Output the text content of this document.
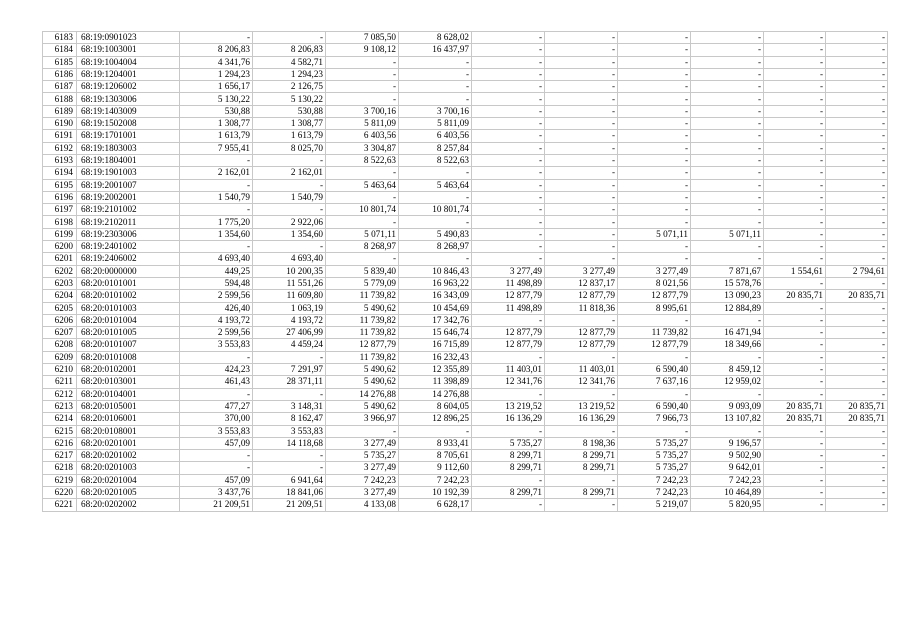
6183	68:19:0901023	-	-	7 085,50	8 628,02	-	-	-	-	-	-
6184	68:19:1003001	8 206,83	8 206,83	9 108,12	16 437,97	-	-	-	-	-	-
6185	68:19:1004004	4 341,76	4 582,71	-	-	-	-	-	-	-	-
6186	68:19:1204001	1 294,23	1 294,23	-	-	-	-	-	-	-	-
6187	68:19:1206002	1 656,17	2 126,75	-	-	-	-	-	-	-	-
6188	68:19:1303006	5 130,22	5 130,22	-	-	-	-	-	-	-	-
6189	68:19:1403009	530,88	530,88	3 700,16	3 700,16	-	-	-	-	-	-
6190	68:19:1502008	1 308,77	1 308,77	5 811,09	5 811,09	-	-	-	-	-	-
6191	68:19:1701001	1 613,79	1 613,79	6 403,56	6 403,56	-	-	-	-	-	-
6192	68:19:1803003	7 955,41	8 025,70	3 304,87	8 257,84	-	-	-	-	-	-
6193	68:19:1804001	-	-	8 522,63	8 522,63	-	-	-	-	-	-
6194	68:19:1901003	2 162,01	2 162,01	-	-	-	-	-	-	-	-
6195	68:19:2001007	-	-	5 463,64	5 463,64	-	-	-	-	-	-
6196	68:19:2002001	1 540,79	1 540,79	-	-	-	-	-	-	-	-
6197	68:19:2101002	-	-	10 801,74	10 801,74	-	-	-	-	-	-
6198	68:19:2102011	1 775,20	2 922,06	-	-	-	-	-	-	-	-
6199	68:19:2303006	1 354,60	1 354,60	5 071,11	5 490,83	-	-	5 071,11	5 071,11	-	-
6200	68:19:2401002	-	-	8 268,97	8 268,97	-	-	-	-	-	-
6201	68:19:2406002	4 693,40	4 693,40	-	-	-	-	-	-	-	-
6202	68:20:0000000	449,25	10 200,35	5 839,40	10 846,43	3 277,49	3 277,49	3 277,49	7 871,67	1 554,61	2 794,61
6203	68:20:0101001	594,48	11 551,26	5 779,09	16 963,22	11 498,89	12 837,17	8 021,56	15 578,76	-	-
6204	68:20:0101002	2 599,56	11 609,80	11 739,82	16 343,09	12 877,79	12 877,79	12 877,79	13 090,23	20 835,71	20 835,71
6205	68:20:0101003	426,40	1 063,19	5 490,62	10 454,69	11 498,89	11 818,36	8 995,61	12 884,89	-	-
6206	68:20:0101004	4 193,72	4 193,72	11 739,82	17 342,76	-	-	-	-	-	-
6207	68:20:0101005	2 599,56	27 406,99	11 739,82	15 646,74	12 877,79	12 877,79	11 739,82	16 471,94	-	-
6208	68:20:0101007	3 553,83	4 459,24	12 877,79	16 715,89	12 877,79	12 877,79	12 877,79	18 349,66	-	-
6209	68:20:0101008	-	-	11 739,82	16 232,43	-	-	-	-	-	-
6210	68:20:0102001	424,23	7 291,97	5 490,62	12 355,89	11 403,01	11 403,01	6 590,40	8 459,12	-	-
6211	68:20:0103001	461,43	28 371,11	5 490,62	11 398,89	12 341,76	12 341,76	7 637,16	12 959,02	-	-
6212	68:20:0104001	-	-	14 276,88	14 276,88	-	-	-	-	-	-
6213	68:20:0105001	477,27	3 148,31	5 490,62	8 604,05	13 219,52	13 219,52	6 590,40	9 093,09	20 835,71	20 835,71
6214	68:20:0106001	370,00	8 162,47	3 966,97	12 896,25	16 136,29	16 136,29	7 966,73	13 107,82	20 835,71	20 835,71
6215	68:20:0108001	3 553,83	3 553,83	-	-	-	-	-	-	-	-
6216	68:20:0201001	457,09	14 118,68	3 277,49	8 933,41	5 735,27	8 198,36	5 735,27	9 196,57	-	-
6217	68:20:0201002	-	-	5 735,27	8 705,61	8 299,71	8 299,71	5 735,27	9 502,90	-	-
6218	68:20:0201003	-	-	3 277,49	9 112,60	8 299,71	8 299,71	5 735,27	9 642,01	-	-
6219	68:20:0201004	457,09	6 941,64	7 242,23	7 242,23	-	-	7 242,23	7 242,23	-	-
6220	68:20:0201005	3 437,76	18 841,06	3 277,49	10 192,39	8 299,71	8 299,71	7 242,23	10 464,89	-	-
6221	68:20:0202002	21 209,51	21 209,51	4 133,08	6 628,17	-	-	5 219,07	5 820,95	-	-
